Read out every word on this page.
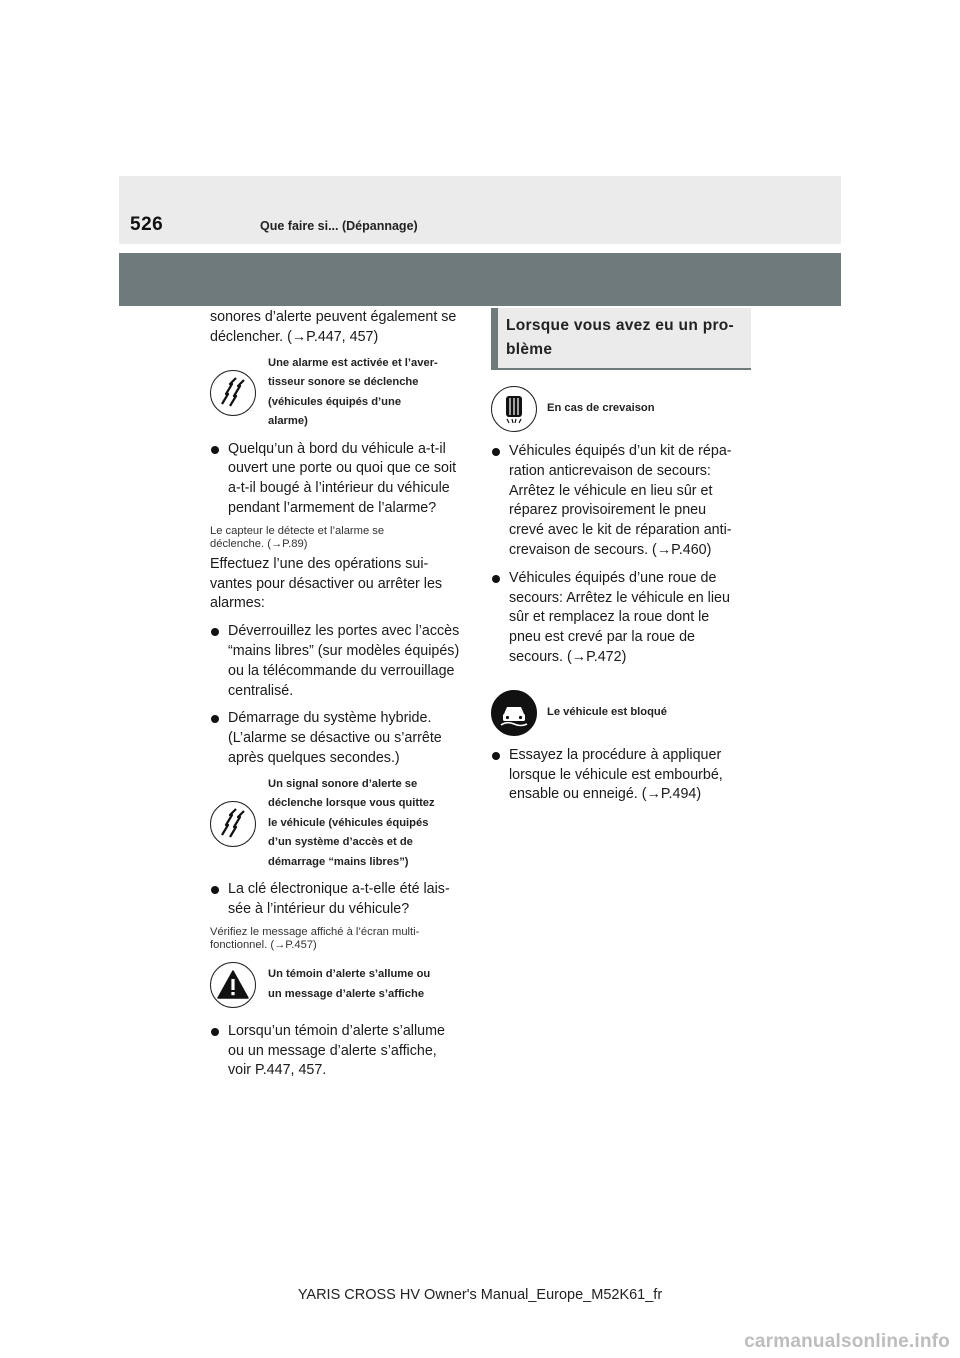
526	Que faire si... (Dépannage)
sonores d’alerte peuvent également se
déclencher. (→P.447, 457)
Une alarme est activée et l’aver-
tisseur sonore se déclenche
(véhicules équipés d’une
alarme)
Quelqu’un à bord du véhicule a-t-il
ouvert une porte ou quoi que ce soit
a-t-il bougé à l’intérieur du véhicule
pendant l’armement de l’alarme?
Le capteur le détecte et l’alarme se
déclenche. (→P.89)
Effectuez l’une des opérations sui-
vantes pour désactiver ou arrêter les
alarmes:
Déverrouillez les portes avec l’accès
“mains libres” (sur modèles équipés)
ou la télécommande du verrouillage
centralisé.
Démarrage du système hybride.
(L’alarme se désactive ou s’arrête
après quelques secondes.)
Un signal sonore d’alerte se
déclenche lorsque vous quittez
le véhicule (véhicules équipés
d’un système d’accès et de
démarrage “mains libres”)
La clé électronique a-t-elle été lais-
sée à l’intérieur du véhicule?
Vérifiez le message affiché à l’écran multi-
fonctionnel. (→P.457)
Un témoin d’alerte s’allume ou
un message d’alerte s’affiche
Lorsqu’un témoin d’alerte s’allume
ou un message d’alerte s’affiche,
voir P.447, 457.
Lorsque vous avez eu un pro-
blème
En cas de crevaison
Véhicules équipés d’un kit de répa-
ration anticrevaison de secours:
Arrêtez le véhicule en lieu sûr et
réparez provisoirement le pneu
crevé avec le kit de réparation anti-
crevaison de secours. (→P.460)
Véhicules équipés d’une roue de
secours: Arrêtez le véhicule en lieu
sûr et remplacez la roue dont le
pneu est crevé par la roue de
secours. (→P.472)
Le véhicule est bloqué
Essayez la procédure à appliquer
lorsque le véhicule est embourbé,
ensable ou enneigé. (→P.494)
YARIS CROSS HV Owner's Manual_Europe_M52K61_fr
carmanualsonline.info
